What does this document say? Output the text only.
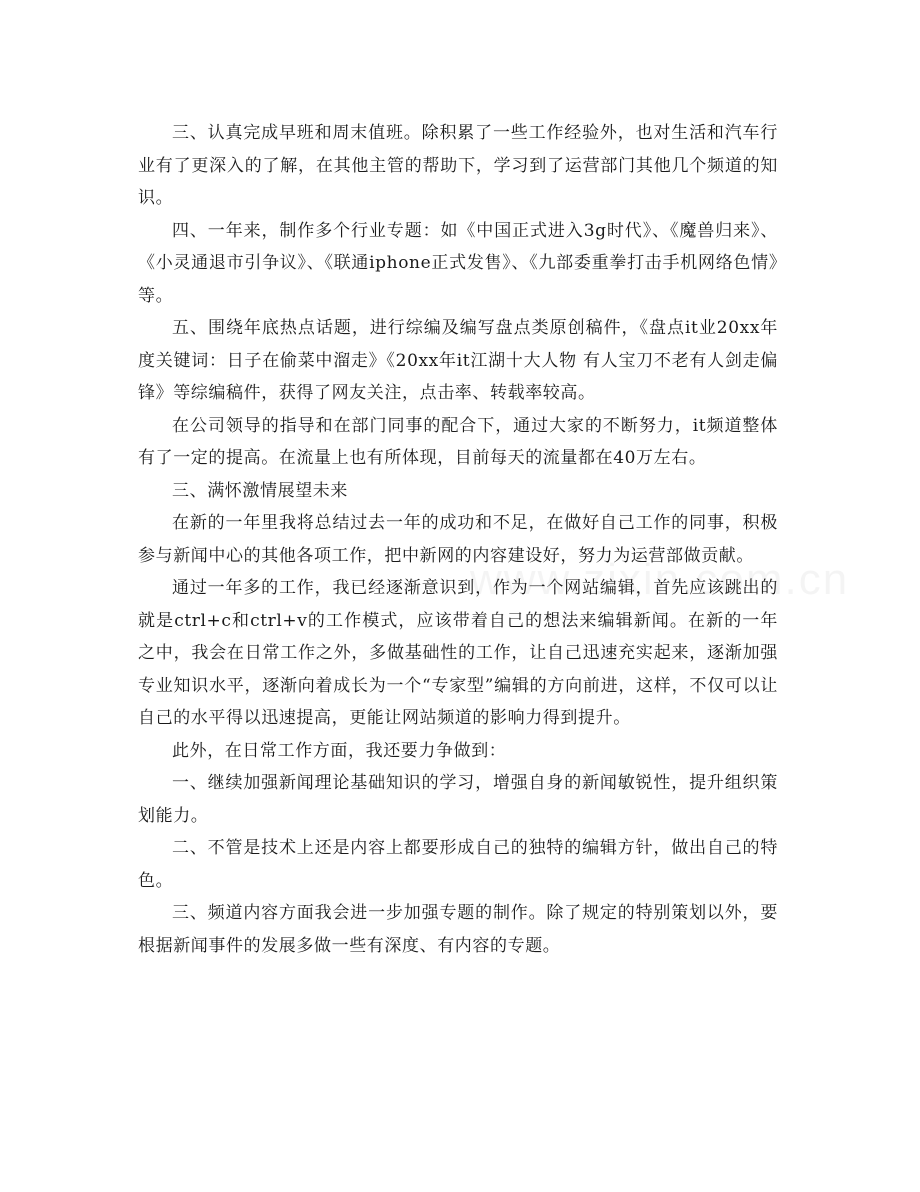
三、认真完成早班和周末值班。除积累了一些工作经验外，也对生活和汽车行业有了更深入的了解，在其他主管的帮助下，学习到了运营部门其他几个频道的知识。

四、一年来，制作多个行业专题：如《中国正式进入3g时代》、《魔兽归来》、《小灵通退市引争议》、《联通iphone正式发售》、《九部委重拳打击手机网络色情》等。

五、围绕年底热点话题，进行综编及编写盘点类原创稿件，《盘点it业20xx年度关键词：日子在偷菜中溜走》《20xx年it江湖十大人物 有人宝刀不老有人剑走偏锋》等综编稿件，获得了网友关注，点击率、转载率较高。

在公司领导的指导和在部门同事的配合下，通过大家的不断努力，it频道整体有了一定的提高。在流量上也有所体现，目前每天的流量都在40万左右。

三、满怀激情展望未来

在新的一年里我将总结过去一年的成功和不足，在做好自己工作的同事，积极参与新闻中心的其他各项工作，把中新网的内容建设好，努力为运营部做贡献。

通过一年多的工作，我已经逐渐意识到，作为一个网站编辑，首先应该跳出的就是ctrl+c和ctrl+v的工作模式，应该带着自己的想法来编辑新闻。在新的一年之中，我会在日常工作之外，多做基础性的工作，让自己迅速充实起来，逐渐加强专业知识水平，逐渐向着成长为一个“专家型”编辑的方向前进，这样，不仅可以让自己的水平得以迅速提高，更能让网站频道的影响力得到提升。

此外，在日常工作方面，我还要力争做到：

一、继续加强新闻理论基础知识的学习，增强自身的新闻敏锐性，提升组织策划能力。

二、不管是技术上还是内容上都要形成自己的独特的编辑方针，做出自己的特色。

三、频道内容方面我会进一步加强专题的制作。除了规定的特别策划以外，要根据新闻事件的发展多做一些有深度、有内容的专题。
